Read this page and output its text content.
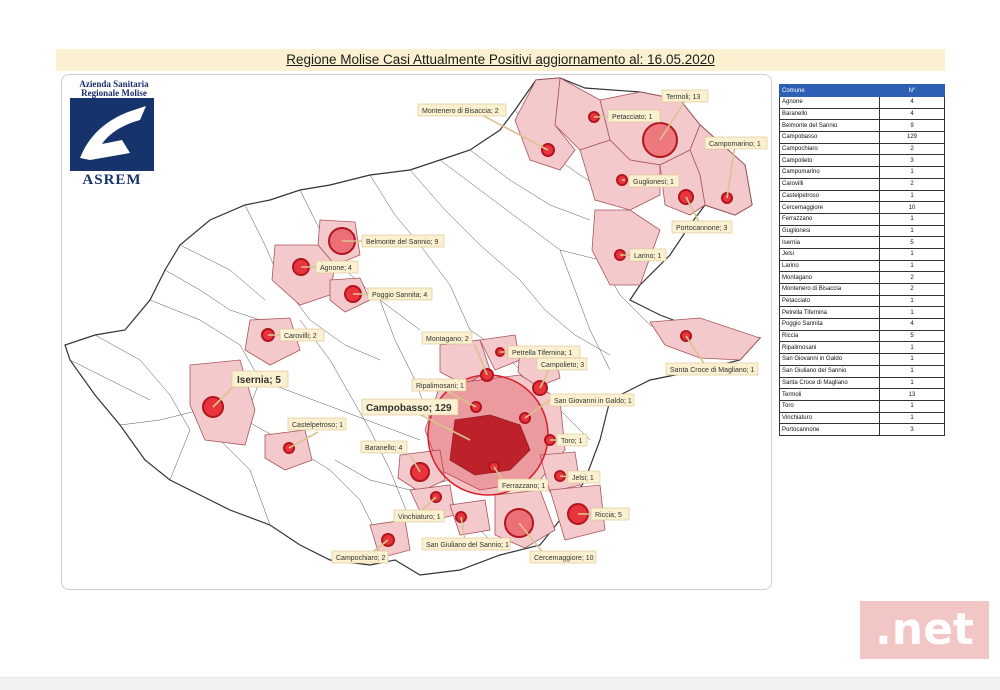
Regione Molise Casi Attualmente Positivi aggiornamento al: 16.05.2020
Montenero di Bisaccia; 2
Termoli; 13
Petacciato; 1
Campomarino; 1
Guglionesi; 1
Portocannone; 3
Larino; 1
Santa Croce di Magliano; 1
Belmonte del Sannio; 9
Agnone; 4
Poggio Sannita; 4
Carovilli; 2	Montagano; 2
Petrella Tifernina; 1
Campolieto; 3
Ripalimosani; 1
San Giovanni in Galdo; 1
Toro; 1
Castelpetroso; 1
Baranello; 4
Jelsi; 1
Ferrazzano; 1
Vinchiaturo; 1	Riccia; 5
San Giuliano del Sannio; 1
Cercemaggiore; 10
Campochiaro; 2
Isernia; 5
Campobasso; 129
Azienda Sanitaria
Regionale Molise
ASREM
Comune	N°
Agnone	4
Baranello	4
Belmonte del Sannio	9
Campobasso	129
Campochiaro	2
Campolieto	3
Campomarino	1
Carovilli	2
Castelpetroso	1
Cercemaggiore	10
Ferrazzano	1
Guglionesi	1
Isernia	5
Jelsi	1
Larino	1
Montagano	2
Montenero di Bisaccia	2
Petacciato	1
Petrella Tifernina	1
Poggio Sannita	4
Riccia	5
Ripalimosani	1
San Giovanni in Galdo	1
San Giuliano del Sannio	1
Santa Croce di Magliano	1
Termoli	13
Toro	1
Vinchiaturo	1
Portocannone	3
.net
